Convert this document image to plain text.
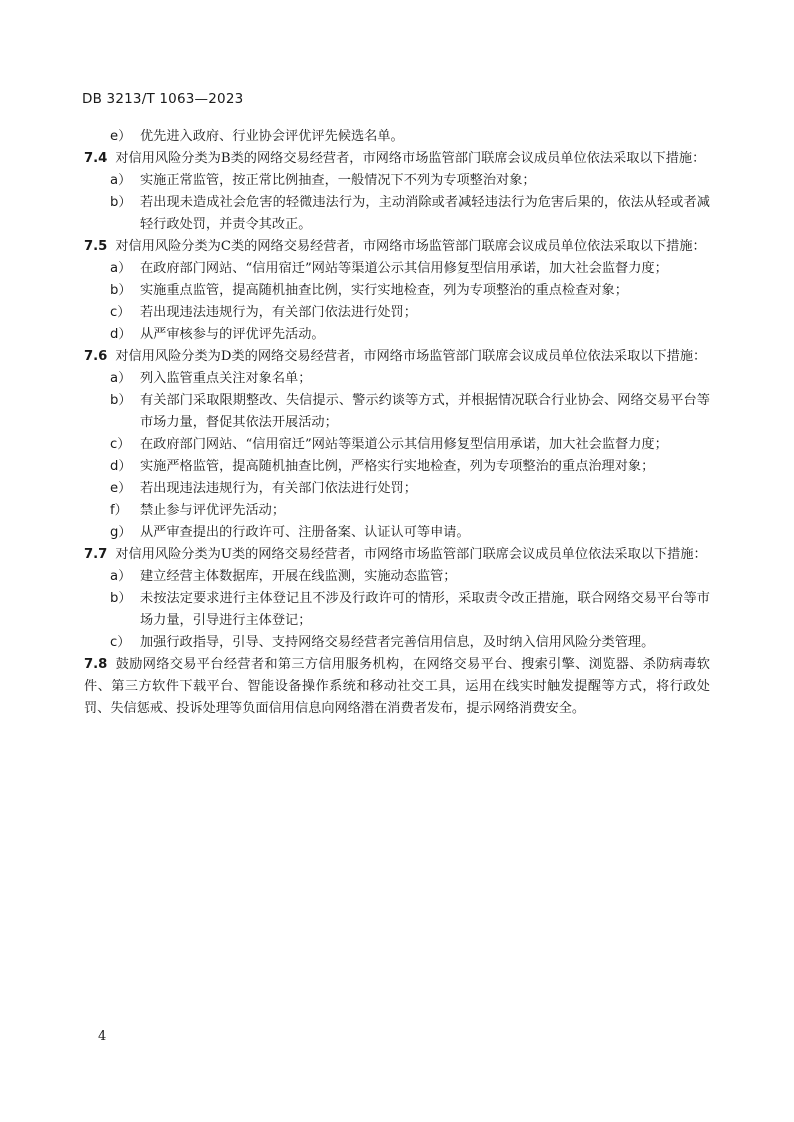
DB 3213/T 1063—2023

e） 优先进入政府、行业协会评优评先候选名单。

7.4 对信用风险分类为B类的网络交易经营者，市网络市场监管部门联席会议成员单位依法采取以下措施：

a） 实施正常监管，按正常比例抽查，一般情况下不列为专项整治对象；

b） 若出现未造成社会危害的轻微违法行为，主动消除或者减轻违法行为危害后果的，依法从轻或者减轻行政处罚，并责令其改正。

7.5 对信用风险分类为C类的网络交易经营者，市网络市场监管部门联席会议成员单位依法采取以下措施：

a） 在政府部门网站、“信用宿迁”网站等渠道公示其信用修复型信用承诺，加大社会监督力度；

b） 实施重点监管，提高随机抽查比例，实行实地检查，列为专项整治的重点检查对象；

c） 若出现违法违规行为，有关部门依法进行处罚；

d） 从严审核参与的评优评先活动。

7.6 对信用风险分类为D类的网络交易经营者，市网络市场监管部门联席会议成员单位依法采取以下措施：

a） 列入监管重点关注对象名单；

b） 有关部门采取限期整改、失信提示、警示约谈等方式，并根据情况联合行业协会、网络交易平台等市场力量，督促其依法开展活动；

c） 在政府部门网站、“信用宿迁”网站等渠道公示其信用修复型信用承诺，加大社会监督力度；

d） 实施严格监管，提高随机抽查比例，严格实行实地检查，列为专项整治的重点治理对象；

e） 若出现违法违规行为，有关部门依法进行处罚；

f） 禁止参与评优评先活动；

g） 从严审查提出的行政许可、注册备案、认证认可等申请。

7.7 对信用风险分类为U类的网络交易经营者，市网络市场监管部门联席会议成员单位依法采取以下措施：

a） 建立经营主体数据库，开展在线监测，实施动态监管；

b） 未按法定要求进行主体登记且不涉及行政许可的情形，采取责令改正措施，联合网络交易平台等市场力量，引导进行主体登记；

c） 加强行政指导，引导、支持网络交易经营者完善信用信息，及时纳入信用风险分类管理。

7.8 鼓励网络交易平台经营者和第三方信用服务机构，在网络交易平台、搜索引擎、浏览器、杀防病毒软件、第三方软件下载平台、智能设备操作系统和移动社交工具，运用在线实时触发提醒等方式，将行政处罚、失信惩戒、投诉处理等负面信用信息向网络潜在消费者发布，提示网络消费安全。

4
